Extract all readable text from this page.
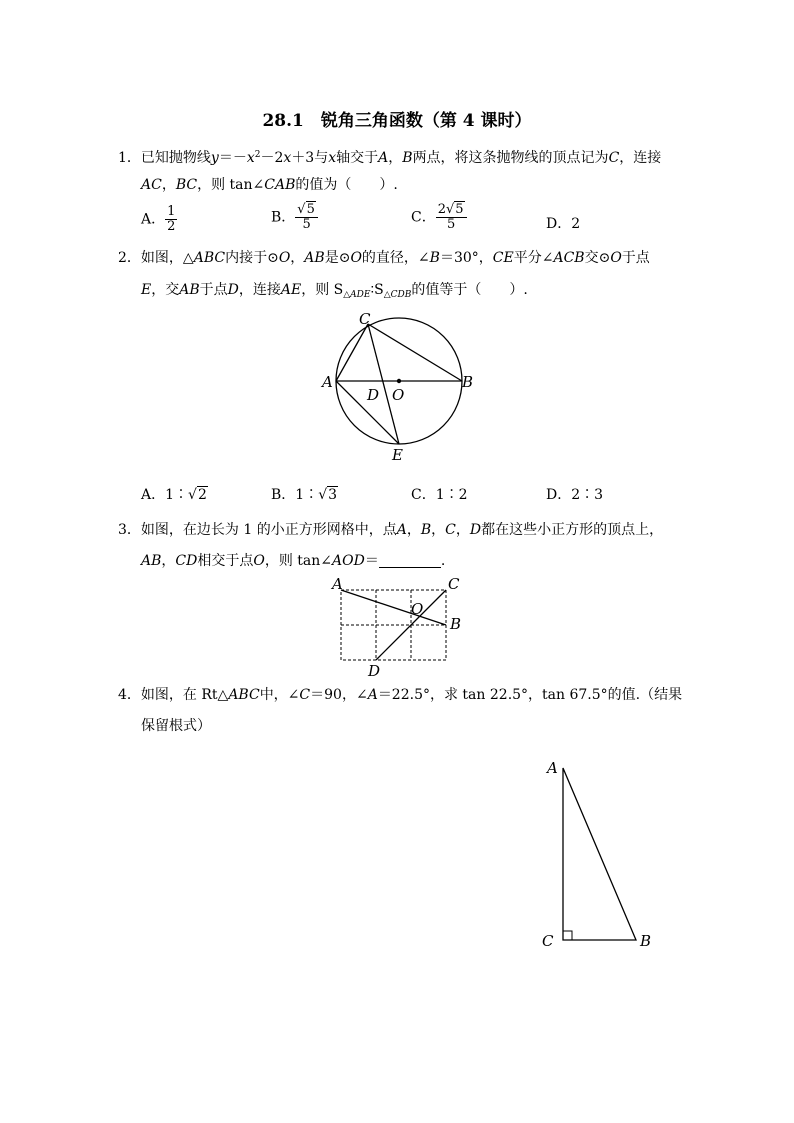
28.1　锐角三角函数（第 4 课时）
1．已知抛物线$y=-x^2-2x+3$与x轴交于A，B两点，将这条抛物线的顶点记为C，连接
AC，BC，则 tan∠CAB的值为（　　）.
A． $\frac{1}{2}$	B． $\frac{√5}{5}$	C． $\frac{2√5}{5}$	D．2
2．如图，△ABC内接于⊙O，AB是⊙O的直径，∠B＝30°，CE平分∠ACB交⊙O于点
E，交AB于点D，连接AE，则 $S_{\triangle ADE}∶S_{\triangle CDB}$的值等于（　　）.
C
A	B
D O
E
A．1∶√2	B．1∶√3	C．1∶2	D．2∶3
3．如图，在边长为 1 的小正方形网格中，点A，B，C，D都在这些小正方形的顶点上，
AB，CD相交于点O，则 tan∠AOD＝	.
A	C
O
B
D
4．如图，在 Rt△ABC中，∠C＝90，∠A＝22.5°，求 tan 22.5°，tan 67.5°的值.（结果
保留根式）
A
C	B
